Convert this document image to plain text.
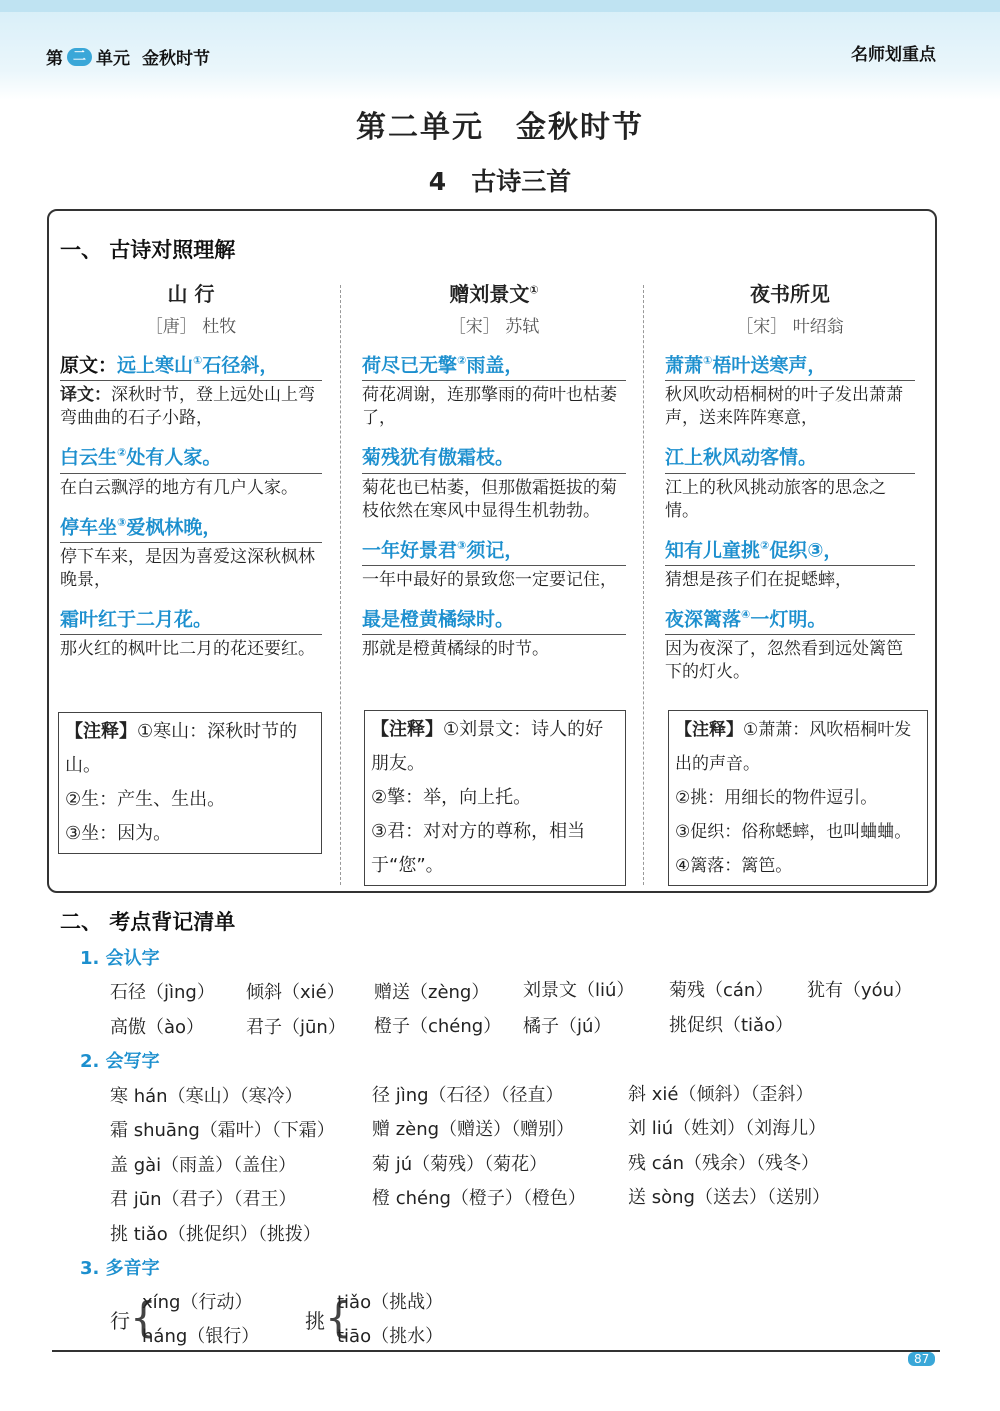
第 二 单元 金秋时节	名师划重点
第二单元　金秋时节
4　古诗三首
一、 古诗对照理解
山 行
［唐］ 杜牧
原文：远上寒山①石径斜，
译文：深秋时节，登上远处山上弯弯曲曲的石子小路，
白云生②处有人家。
在白云飘浮的地方有几户人家。
停车坐③爱枫林晚，
停下车来，是因为喜爱这深秋枫林晚景，
霜叶红于二月花。
那火红的枫叶比二月的花还要红。
【注释】①寒山：深秋时节的山。
②生：产生、生出。
③坐：因为。
赠刘景文①
［宋］ 苏轼
荷尽已无擎②雨盖，
荷花凋谢，连那擎雨的荷叶也枯萎了，
菊残犹有傲霜枝。
菊花也已枯萎，但那傲霜挺拔的菊枝依然在寒风中显得生机勃勃。
一年好景君③须记，
一年中最好的景致您一定要记住，
最是橙黄橘绿时。
那就是橙黄橘绿的时节。
【注释】①刘景文：诗人的好朋友。
②擎：举，向上托。
③君：对对方的尊称，相当于“您”。
夜书所见
［宋］ 叶绍翁
萧萧①梧叶送寒声，
秋风吹动梧桐树的叶子发出萧萧声，送来阵阵寒意，
江上秋风动客情。
江上的秋风挑动旅客的思念之情。
知有儿童挑②促织③，
猜想是孩子们在捉蟋蟀，
夜深篱落④一灯明。
因为夜深了，忽然看到远处篱笆下的灯火。
【注释】①萧萧：风吹梧桐叶发出的声音。
②挑：用细长的物件逗引。
③促织：俗称蟋蟀，也叫蛐蛐。
④篱落：篱笆。
二、 考点背记清单
1. 会认字
石径（jìng） 倾斜（xié） 赠送（zèng） 刘景文（liú） 菊残（cán） 犹有（yóu）
高傲（ào） 君子（jūn） 橙子（chéng） 橘子（jú）	挑促织（tiǎo）
2. 会写字
寒 hán（寒山）（寒冷）	径 jìng（石径）（径直）	斜 xié（倾斜）（歪斜）
霜 shuāng（霜叶）（下霜） 赠 zèng（赠送）（赠别）	刘 liú（姓刘）（刘海儿）
盖 gài（雨盖）（盖住）	菊 jú（菊残）（菊花）	残 cán（残余）（残冬）
君 jūn（君子）（君王）	橙 chéng（橙子）（橙色） 送 sòng（送去）（送别）
挑 tiǎo（挑促织）（挑拨）
3. 多音字
行 {
xíng（行动）
háng（银行）
挑 {
tiǎo（挑战）
tiāo（挑水）
87
